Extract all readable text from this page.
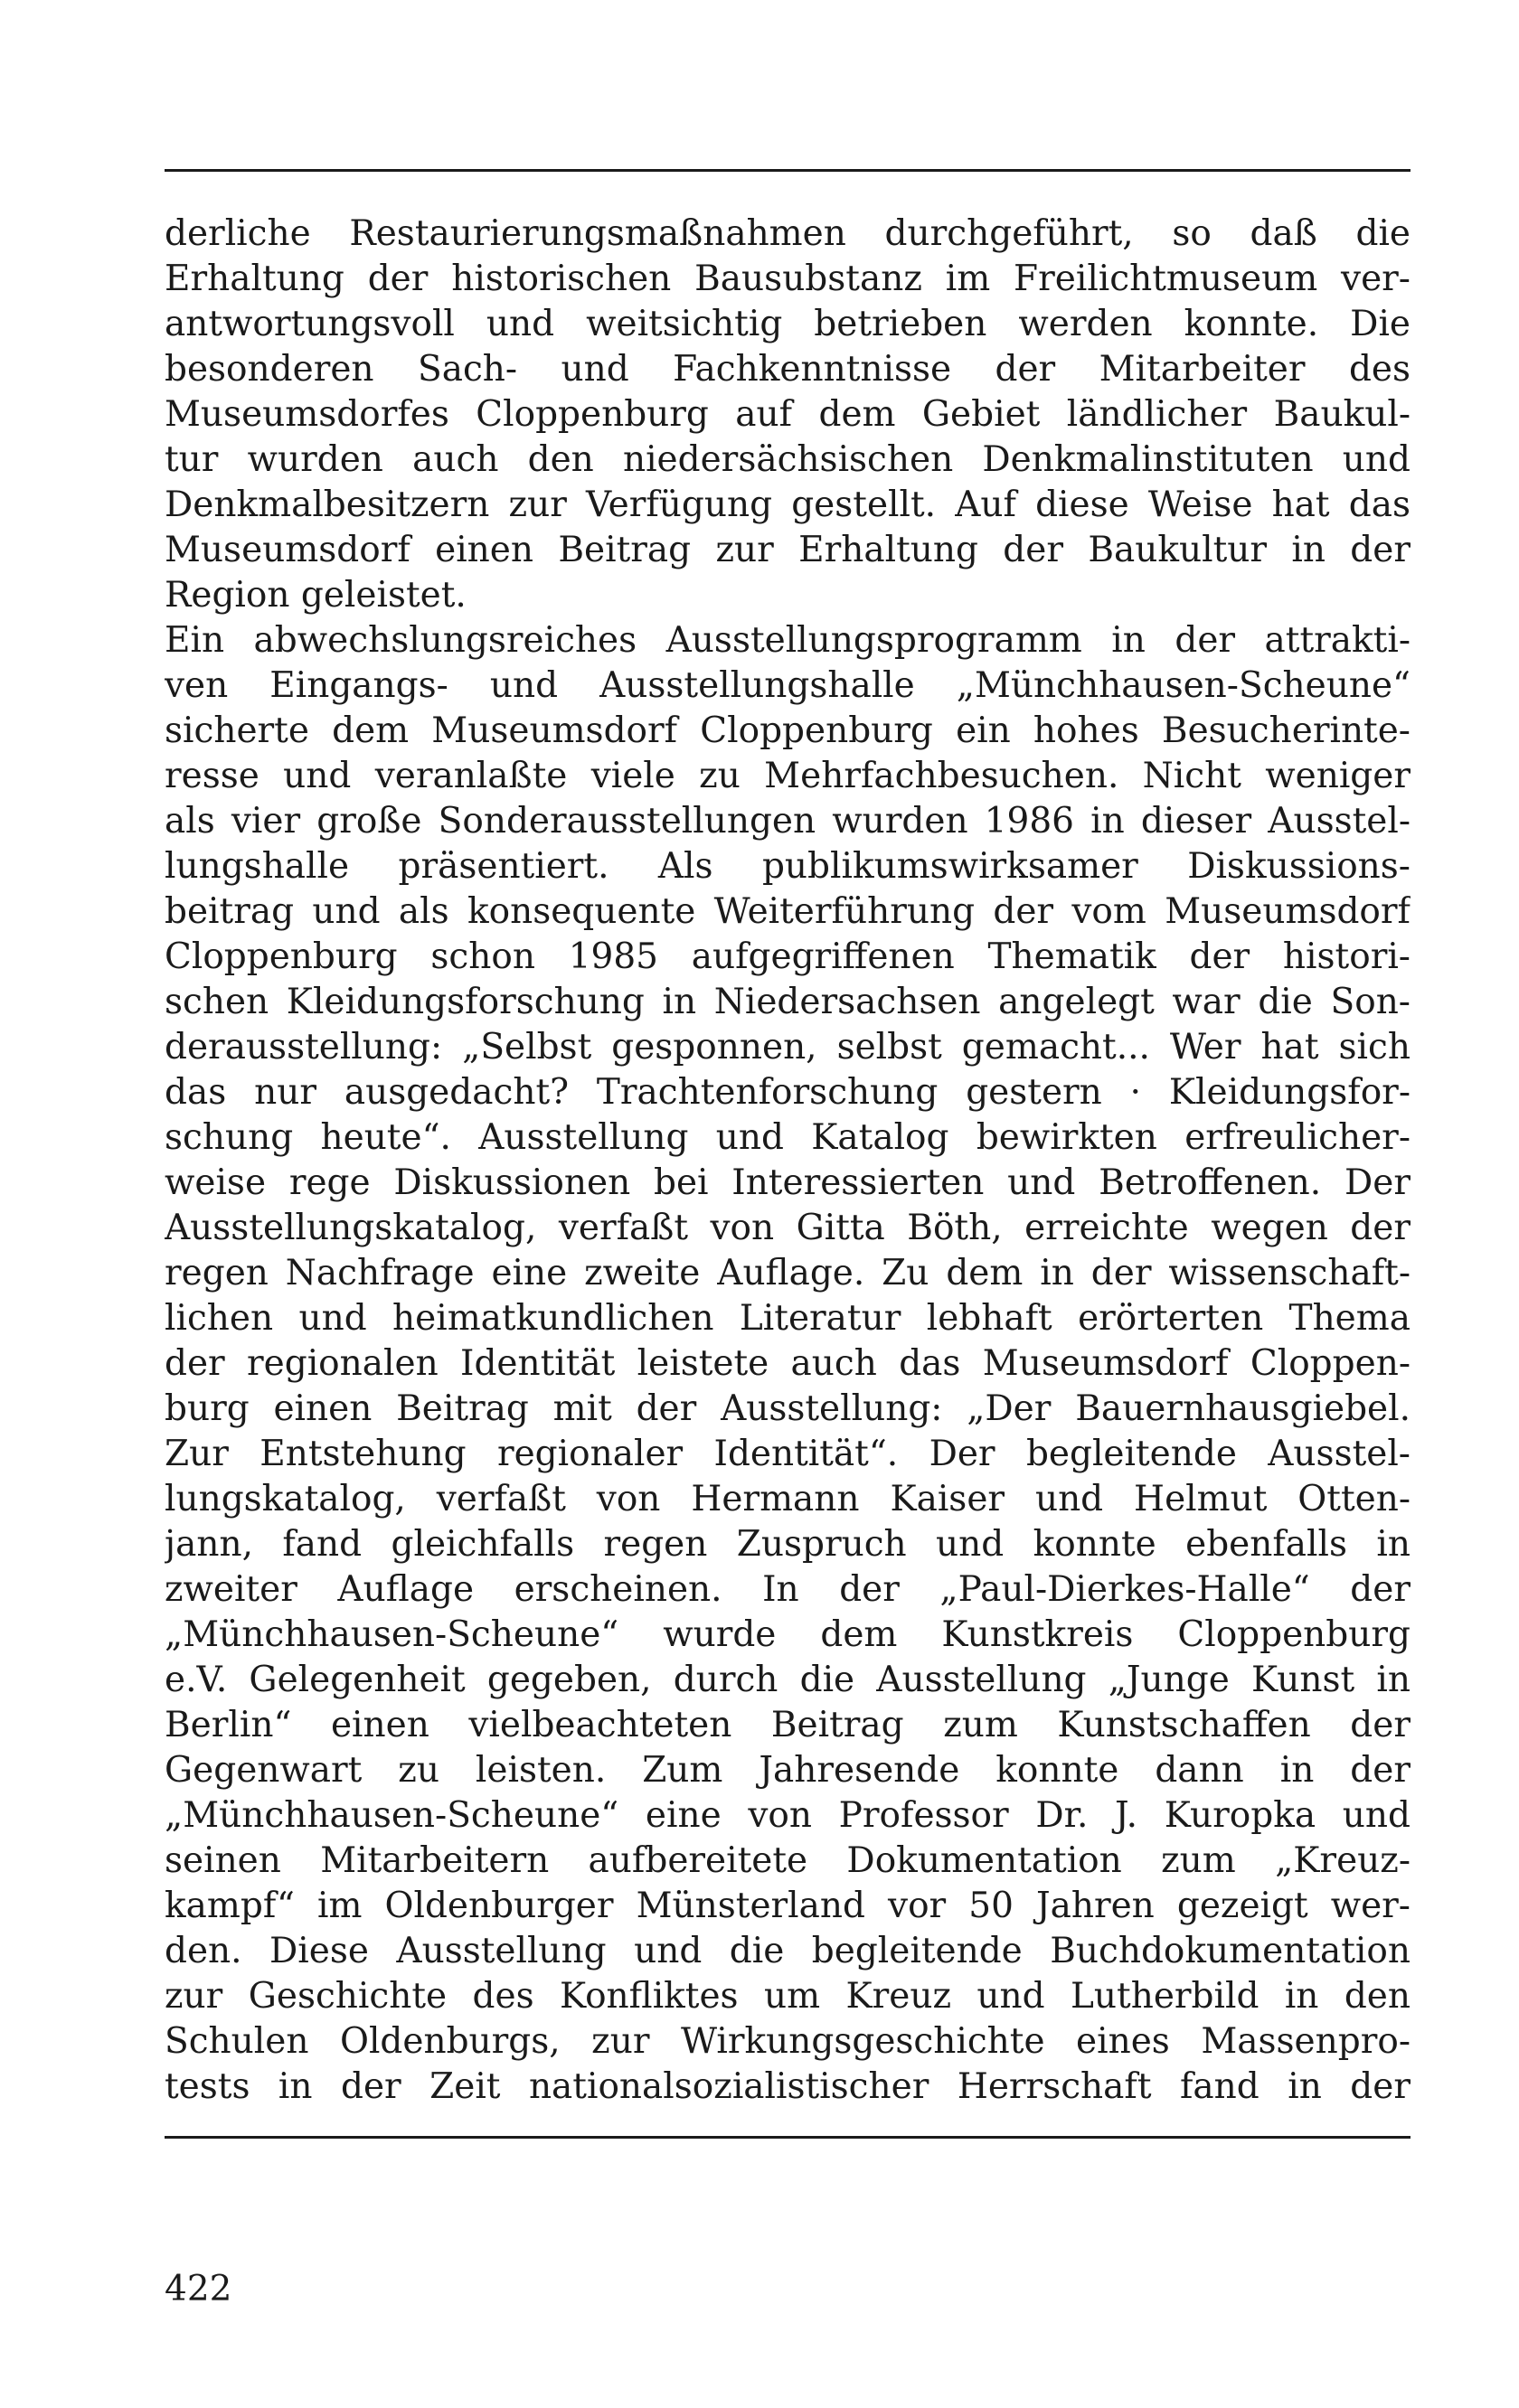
derliche Restaurierungsmaßnahmen durchgeführt, so daß die
Erhaltung der historischen Bausubstanz im Freilichtmuseum ver-
antwortungsvoll und weitsichtig betrieben werden konnte. Die
besonderen Sach- und Fachkenntnisse der Mitarbeiter des
Museumsdorfes Cloppenburg auf dem Gebiet ländlicher Baukul-
tur wurden auch den niedersächsischen Denkmalinstituten und
Denkmalbesitzern zur Verfügung gestellt. Auf diese Weise hat das
Museumsdorf einen Beitrag zur Erhaltung der Baukultur in der
Region geleistet.
Ein abwechslungsreiches Ausstellungsprogramm in der attrakti-
ven Eingangs- und Ausstellungshalle „Münchhausen-Scheune“
sicherte dem Museumsdorf Cloppenburg ein hohes Besucherinte-
resse und veranlaßte viele zu Mehrfachbesuchen. Nicht weniger
als vier große Sonderausstellungen wurden 1986 in dieser Ausstel-
lungshalle präsentiert. Als publikumswirksamer Diskussions-
beitrag und als konsequente Weiterführung der vom Museumsdorf
Cloppenburg schon 1985 aufgegriffenen Thematik der histori-
schen Kleidungsforschung in Niedersachsen angelegt war die Son-
derausstellung: „Selbst gesponnen, selbst gemacht... Wer hat sich
das nur ausgedacht? Trachtenforschung gestern · Kleidungsfor-
schung heute“. Ausstellung und Katalog bewirkten erfreulicher-
weise rege Diskussionen bei Interessierten und Betroffenen. Der
Ausstellungskatalog, verfaßt von Gitta Böth, erreichte wegen der
regen Nachfrage eine zweite Auflage. Zu dem in der wissenschaft-
lichen und heimatkundlichen Literatur lebhaft erörterten Thema
der regionalen Identität leistete auch das Museumsdorf Cloppen-
burg einen Beitrag mit der Ausstellung: „Der Bauernhausgiebel.
Zur Entstehung regionaler Identität“. Der begleitende Ausstel-
lungskatalog, verfaßt von Hermann Kaiser und Helmut Otten-
jann, fand gleichfalls regen Zuspruch und konnte ebenfalls in
zweiter Auflage erscheinen. In der „Paul-Dierkes-Halle“ der
„Münchhausen-Scheune“ wurde dem Kunstkreis Cloppenburg
e.V. Gelegenheit gegeben, durch die Ausstellung „Junge Kunst in
Berlin“ einen vielbeachteten Beitrag zum Kunstschaffen der
Gegenwart zu leisten. Zum Jahresende konnte dann in der
„Münchhausen-Scheune“ eine von Professor Dr. J. Kuropka und
seinen Mitarbeitern aufbereitete Dokumentation zum „Kreuz-
kampf“ im Oldenburger Münsterland vor 50 Jahren gezeigt wer-
den. Diese Ausstellung und die begleitende Buchdokumentation
zur Geschichte des Konfliktes um Kreuz und Lutherbild in den
Schulen Oldenburgs, zur Wirkungsgeschichte eines Massenpro-
tests in der Zeit nationalsozialistischer Herrschaft fand in der
422
